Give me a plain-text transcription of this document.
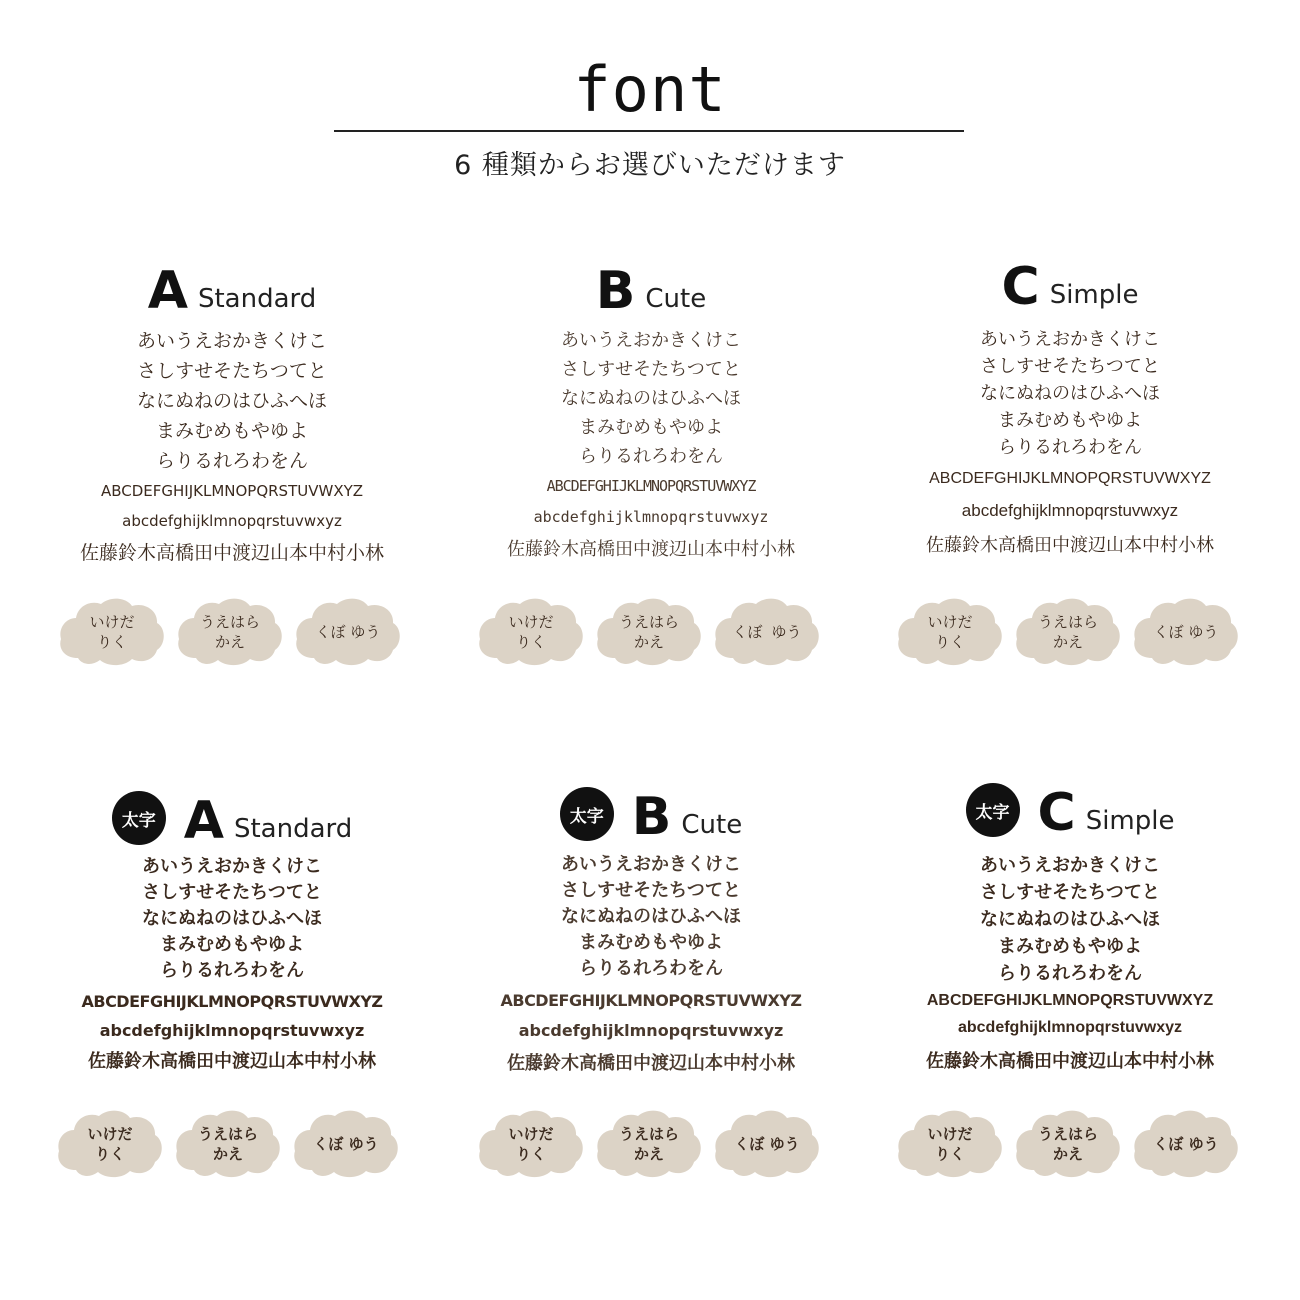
font
6 種類からお選びいただけます
A Standard
あいうえおかきくけこ
さしすせそたちつてと
なにぬねのはひふへほ
まみむめもやゆよ
らりるれろわをん
ABCDEFGHIJKLMNOPQRSTUVWXYZ
abcdefghijklmnopqrstuvwxyz
佐藤鈴木高橋田中渡辺山本中村小林
いけだ
りく
うえはら
かえ
くぼ ゆう
B Cute
あいうえおかきくけこ
さしすせそたちつてと
なにぬねのはひふへほ
まみむめもやゆよ
らりるれろわをん
ABCDEFGHIJKLMNOPQRSTUVWXYZ
abcdefghijklmnopqrstuvwxyz
佐藤鈴木高橋田中渡辺山本中村小林
いけだ
りく
うえはら
かえ
くぼ ゆう
C Simple
あいうえおかきくけこ
さしすせそたちつてと
なにぬねのはひふへほ
まみむめもやゆよ
らりるれろわをん
ABCDEFGHIJKLMNOPQRSTUVWXYZ
abcdefghijklmnopqrstuvwxyz
佐藤鈴木高橋田中渡辺山本中村小林
いけだ
りく
うえはら
かえ
くぼ ゆう
太字 A Standard
あいうえおかきくけこ
さしすせそたちつてと
なにぬねのはひふへほ
まみむめもやゆよ
らりるれろわをん
ABCDEFGHIJKLMNOPQRSTUVWXYZ
abcdefghijklmnopqrstuvwxyz
佐藤鈴木高橋田中渡辺山本中村小林
いけだ
りく
うえはら
かえ
くぼ ゆう
太字 B Cute
あいうえおかきくけこ
さしすせそたちつてと
なにぬねのはひふへほ
まみむめもやゆよ
らりるれろわをん
ABCDEFGHIJKLMNOPQRSTUVWXYZ
abcdefghijklmnopqrstuvwxyz
佐藤鈴木高橋田中渡辺山本中村小林
いけだ
りく
うえはら
かえ
くぼ ゆう
太字 C Simple
あいうえおかきくけこ
さしすせそたちつてと
なにぬねのはひふへほ
まみむめもやゆよ
らりるれろわをん
ABCDEFGHIJKLMNOPQRSTUVWXYZ
abcdefghijklmnopqrstuvwxyz
佐藤鈴木高橋田中渡辺山本中村小林
いけだ
りく
うえはら
かえ
くぼ ゆう
